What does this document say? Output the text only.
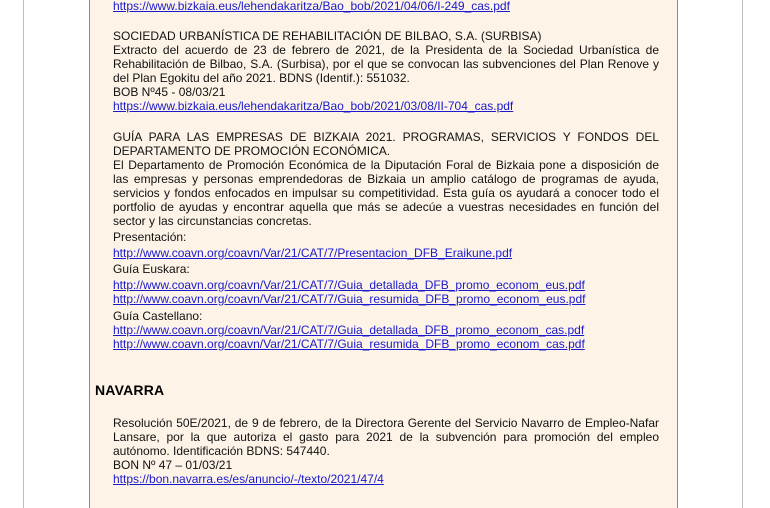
https://www.bizkaia.eus/lehendakaritza/Bao_bob/2021/04/06/I-249_cas.pdf

SOCIEDAD URBANÍSTICA DE REHABILITACIÓN DE BILBAO, S.A. (SURBISA)

Extracto del acuerdo de 23 de febrero de 2021, de la Presidenta de la Sociedad Urbanística de Rehabilitación de Bilbao, S.A. (Surbisa), por el que se convocan las subvenciones del Plan Renove y del Plan Egokitu del año 2021. BDNS (Identif.): 551032.

BOB Nº45 - 08/03/21

https://www.bizkaia.eus/lehendakaritza/Bao_bob/2021/03/08/II-704_cas.pdf

GUÍA PARA LAS EMPRESAS DE BIZKAIA 2021. PROGRAMAS, SERVICIOS Y FONDOS DEL DEPARTAMENTO DE PROMOCIÓN ECONÓMICA.

El Departamento de Promoción Económica de la Diputación Foral de Bizkaia pone a disposición de las empresas y personas emprendedoras de Bizkaia un amplio catálogo de programas de ayuda, servicios y fondos enfocados en impulsar su competitividad. Esta guía os ayudará a conocer todo el portfolio de ayudas y encontrar aquella que más se adecúe a vuestras necesidades en función del sector y las circunstancias concretas.

Presentación:

http://www.coavn.org/coavn/Var/21/CAT/7/Presentacion_DFB_Eraikune.pdf

Guía Euskara:

http://www.coavn.org/coavn/Var/21/CAT/7/Guia_detallada_DFB_promo_econom_eus.pdf

http://www.coavn.org/coavn/Var/21/CAT/7/Guia_resumida_DFB_promo_econom_eus.pdf

Guía Castellano:

http://www.coavn.org/coavn/Var/21/CAT/7/Guia_detallada_DFB_promo_econom_cas.pdf

http://www.coavn.org/coavn/Var/21/CAT/7/Guia_resumida_DFB_promo_econom_cas.pdf

NAVARRA

Resolución 50E/2021, de 9 de febrero, de la Directora Gerente del Servicio Navarro de Empleo-Nafar Lansare, por la que autoriza el gasto para 2021 de la subvención para promoción del empleo autónomo. Identificación BDNS: 547440.

BON Nº 47 – 01/03/21

https://bon.navarra.es/es/anuncio/-/texto/2021/47/4
